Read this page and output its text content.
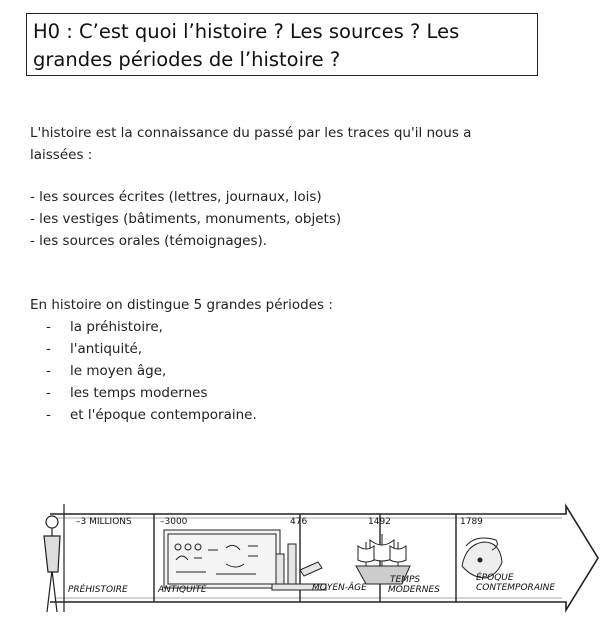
H0 : C’est quoi l’histoire ? Les sources ? Les
grandes périodes de l’histoire ?
L'histoire est la connaissance du passé par les traces qu'il nous a
laissées :
- les sources écrites (lettres, journaux, lois)
- les vestiges (bâtiments, monuments, objets)
- les sources orales (témoignages).
En histoire on distingue 5 grandes périodes :
-	la préhistoire,
-	l'antiquité,
-	le moyen âge,
-	les temps modernes
-	et l'époque contemporaine.
–3 MILLIONS	–3000	476	1492	1789
PRÉHISTOIRE	ANTIQUITÉ	MOYEN-ÂGE
TEMPS
MODERNES
ÉPOQUE
CONTEMPORAINE
